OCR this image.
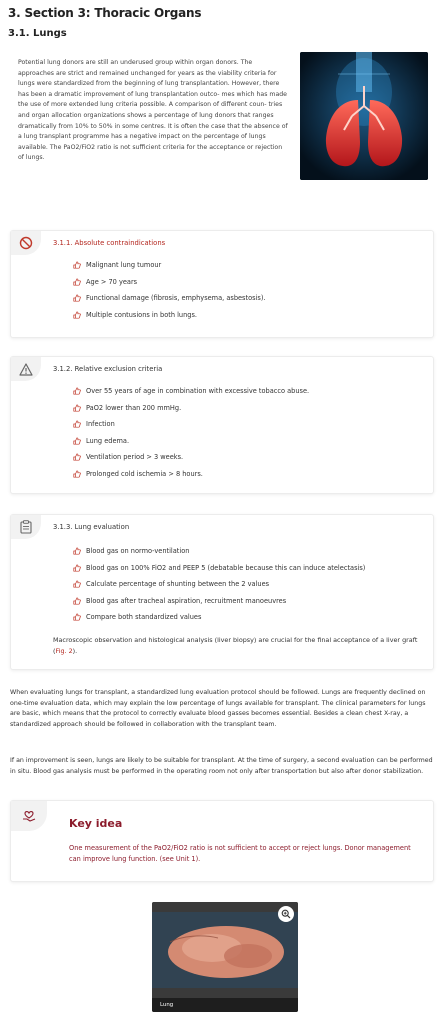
3. Section 3: Thoracic Organs
3.1. Lungs

Potential lung donors are still an underused group within organ donors. The approaches are strict and remained unchanged for years as the viability criteria for lungs were standardized from the beginning of lung transplantation. However, there has been a dramatic improvement of lung transplantation outco- mes which has made the use of more extended lung criteria possible. A comparison of different coun- tries and organ allocation organizations shows a percentage of lung donors that ranges dramatically from 10% to 50% in some centres. It is often the case that the absence of a lung transplant programme has a negative impact on the percentage of lungs available. The PaO2/FiO2 ratio is not sufficient criteria for the acceptance or rejection of lungs.

3.1.1. Absolute contraindications
Malignant lung tumour
Age > 70 years
Functional damage (fibrosis, emphysema, asbestosis).
Multiple contusions in both lungs.
3.1.2. Relative exclusion criteria
Over 55 years of age in combination with excessive tobacco abuse.
PaO2 lower than 200 mmHg.
Infection
Lung edema.
Ventilation period > 3 weeks.
Prolonged cold ischemia > 8 hours.
3.1.3. Lung evaluation
Blood gas on normo-ventilation
Blood gas on 100% FiO2 and PEEP 5 (debatable because this can induce atelectasis)
Calculate percentage of shunting between the 2 values
Blood gas after tracheal aspiration, recruitment manoeuvres
Compare both standardized values

Macroscopic observation and histological analysis (liver biopsy) are crucial for the final acceptance of a liver graft (Fig. 2).

When evaluating lungs for transplant, a standardized lung evaluation protocol should be followed. Lungs are frequently declined on one-time evaluation data, which may explain the low percentage of lungs available for transplant. The clinical parameters for lungs are basic, which means that the protocol to correctly evaluate blood gasses becomes essential. Besides a clean chest X-ray, a standardized approach should be followed in collaboration with the transplant team.

If an improvement is seen, lungs are likely to be suitable for transplant. At the time of surgery, a second evaluation can be performed in situ. Blood gas analysis must be performed in the operating room not only after transportation but also after donor stabilization.

Key idea

One measurement of the PaO2/FiO2 ratio is not sufficient to accept or reject lungs. Donor management can improve lung function. (see Unit 1).

Lung
